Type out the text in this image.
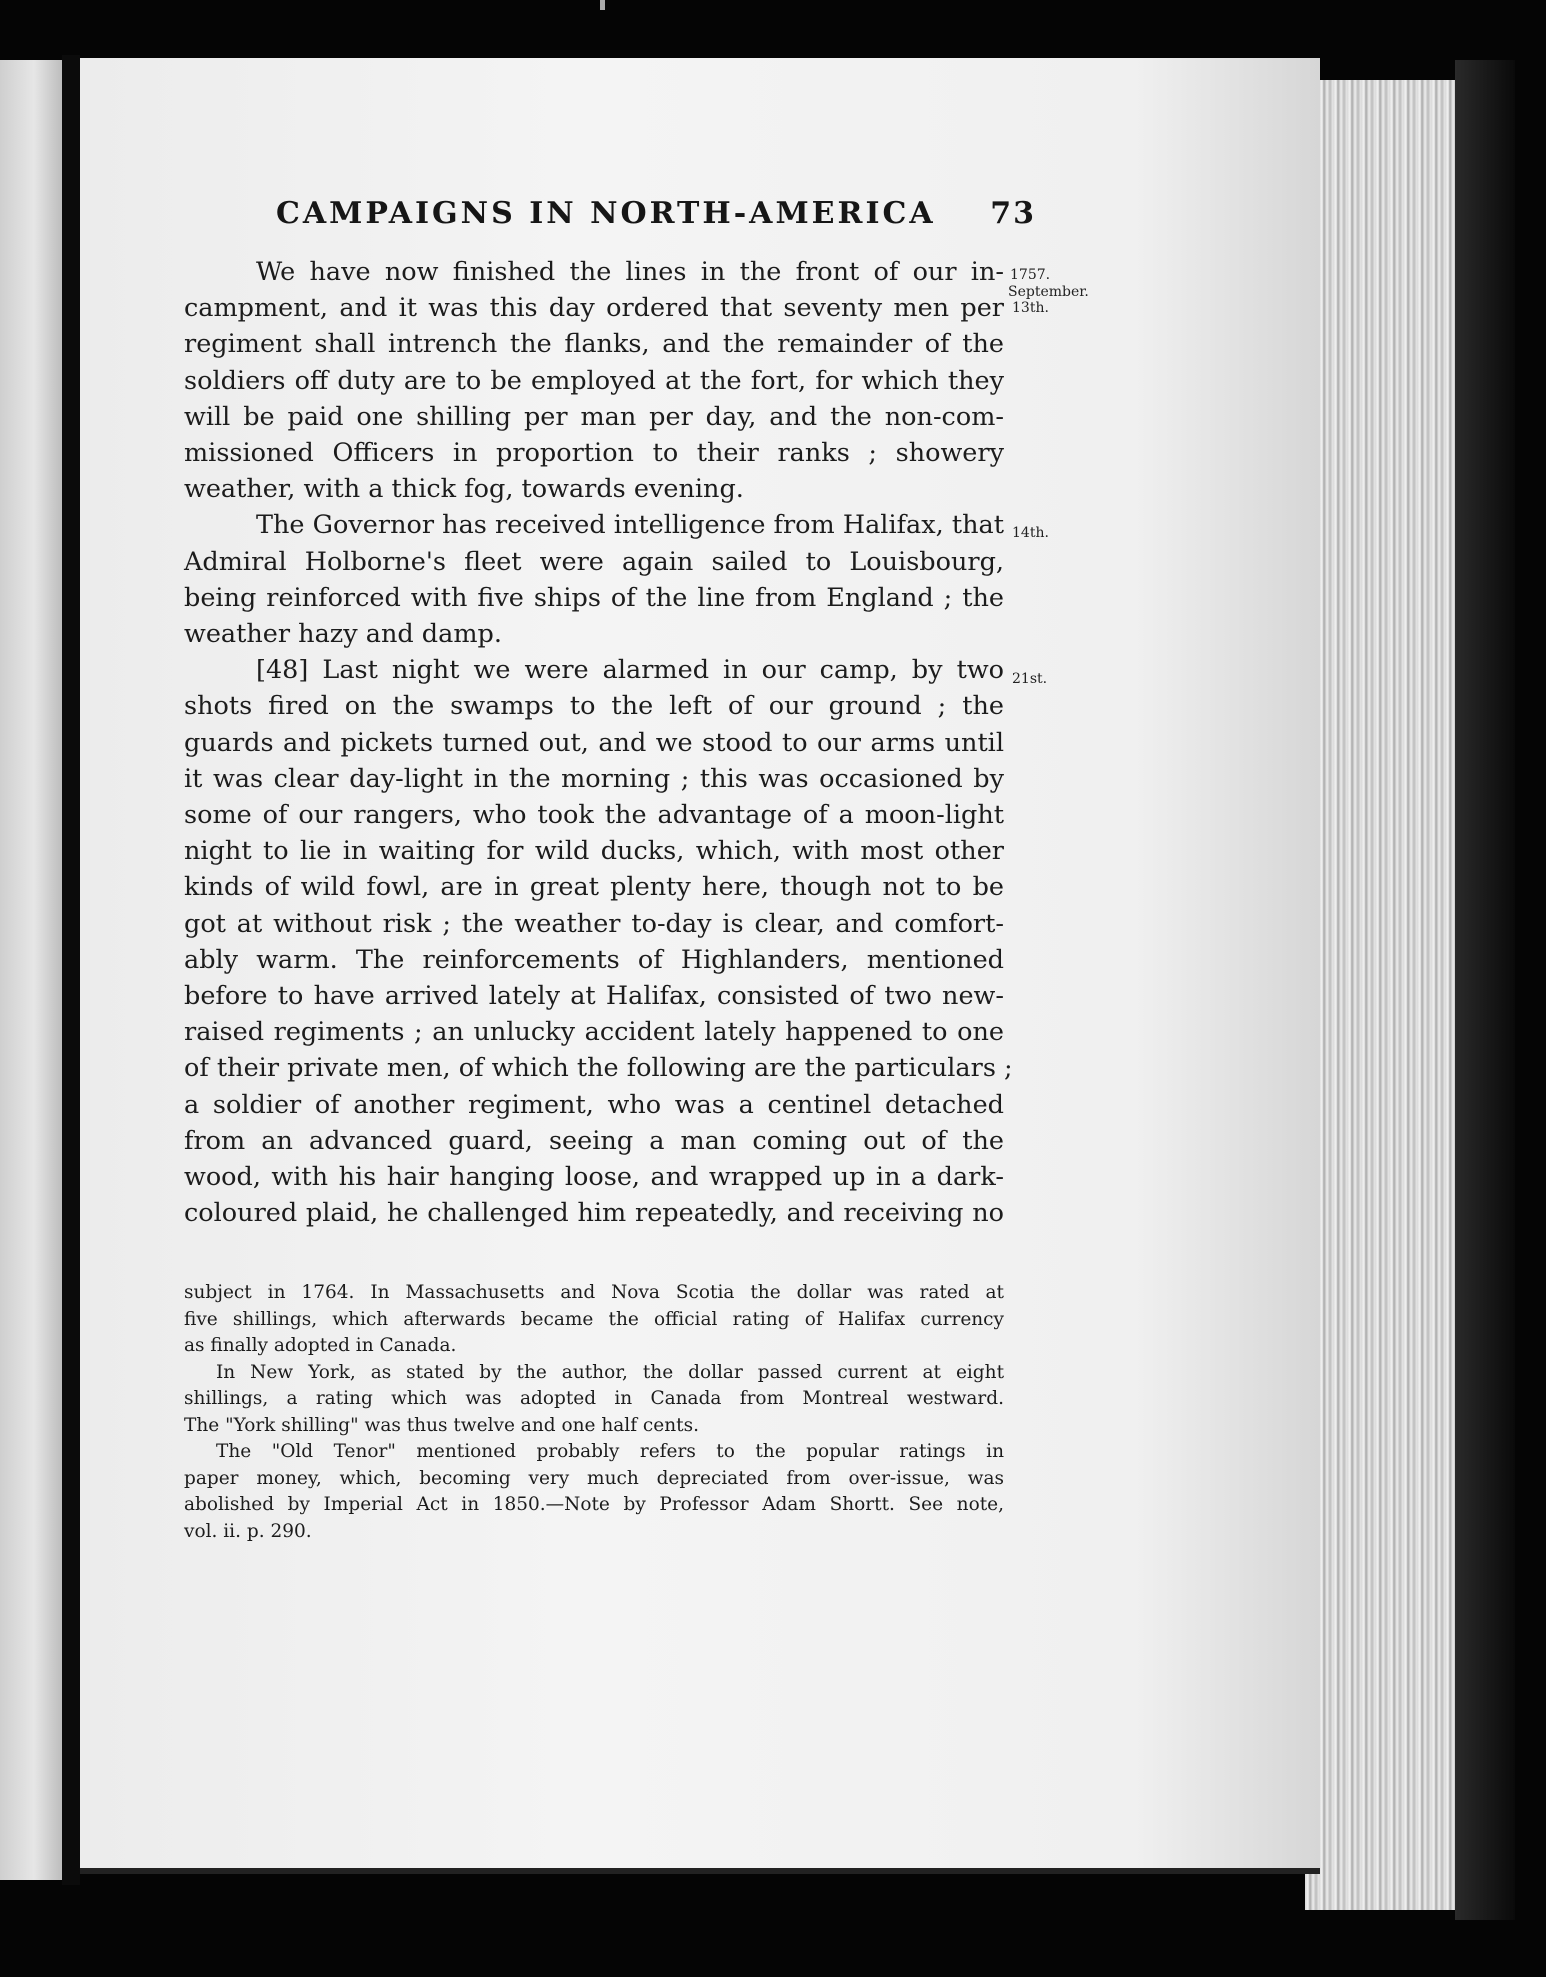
CAMPAIGNS IN NORTH-AMERICA 73
1757.
September.
13th.
14th.
21st.
We have now finished the lines in the front of our in-
campment, and it was this day ordered that seventy men per
regiment shall intrench the flanks, and the remainder of the
soldiers off duty are to be employed at the fort, for which they
will be paid one shilling per man per day, and the non-com-
missioned Officers in proportion to their ranks ; showery
weather, with a thick fog, towards evening.
The Governor has received intelligence from Halifax, that
Admiral Holborne's fleet were again sailed to Louisbourg,
being reinforced with five ships of the line from England ; the
weather hazy and damp.
[48] Last night we were alarmed in our camp, by two
shots fired on the swamps to the left of our ground ; the
guards and pickets turned out, and we stood to our arms until
it was clear day-light in the morning ; this was occasioned by
some of our rangers, who took the advantage of a moon-light
night to lie in waiting for wild ducks, which, with most other
kinds of wild fowl, are in great plenty here, though not to be
got at without risk ; the weather to-day is clear, and comfort-
ably warm. The reinforcements of Highlanders, mentioned
before to have arrived lately at Halifax, consisted of two new-
raised regiments ; an unlucky accident lately happened to one
of their private men, of which the following are the particulars ;
a soldier of another regiment, who was a centinel detached
from an advanced guard, seeing a man coming out of the
wood, with his hair hanging loose, and wrapped up in a dark-
coloured plaid, he challenged him repeatedly, and receiving no
subject in 1764. In Massachusetts and Nova Scotia the dollar was rated at
five shillings, which afterwards became the official rating of Halifax currency
as finally adopted in Canada.
In New York, as stated by the author, the dollar passed current at eight
shillings, a rating which was adopted in Canada from Montreal westward.
The "York shilling" was thus twelve and one half cents.
The "Old Tenor" mentioned probably refers to the popular ratings in
paper money, which, becoming very much depreciated from over-issue, was
abolished by Imperial Act in 1850.—Note by Professor Adam Shortt. See note,
vol. ii. p. 290.
